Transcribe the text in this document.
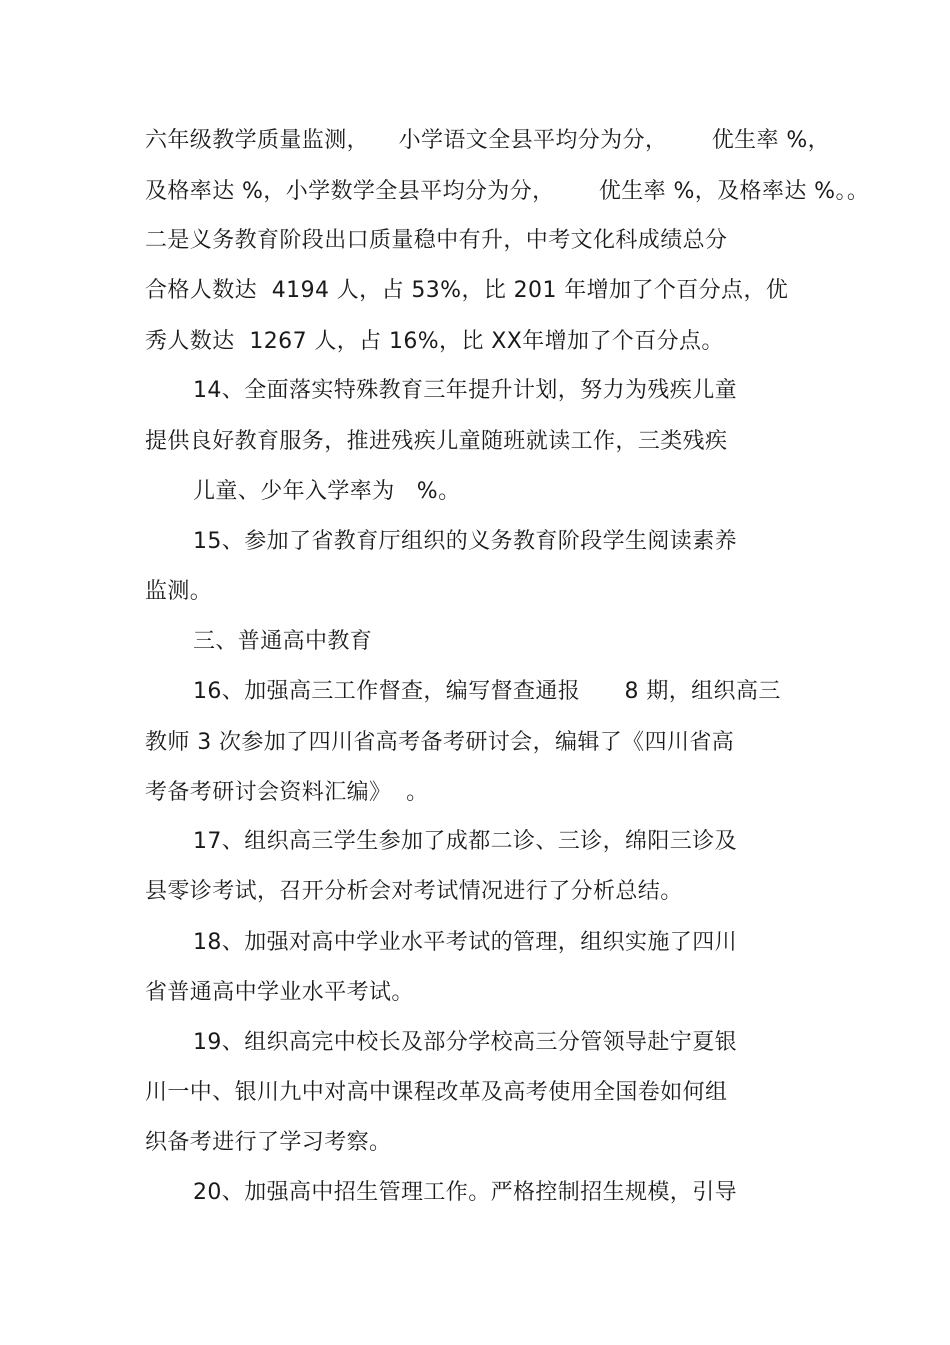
六年级教学质量监测，    小学语文全县平均分为分，      优生率 %，
及格率达 %，小学数学全县平均分为分，      优生率 %，及格率达 %。。
二是义务教育阶段出口质量稳中有升，中考文化科成绩总分
合格人数达  4194 人，占 53%，比 201 年增加了个百分点，优
秀人数达  1267 人，占 16%，比 XX年增加了个百分点。
14、全面落实特殊教育三年提升计划，努力为残疾儿童
提供良好教育服务，推进残疾儿童随班就读工作，三类残疾
儿童、少年入学率为   %。
15、参加了省教育厅组织的义务教育阶段学生阅读素养
监测。
三、普通高中教育
16、加强高三工作督查，编写督查通报      8 期，组织高三
教师 3 次参加了四川省高考备考研讨会，编辑了《四川省高
考备考研讨会资料汇编》  。
17、组织高三学生参加了成都二诊、三诊，绵阳三诊及
县零诊考试，召开分析会对考试情况进行了分析总结。
18、加强对高中学业水平考试的管理，组织实施了四川
省普通高中学业水平考试。
19、组织高完中校长及部分学校高三分管领导赴宁夏银
川一中、银川九中对高中课程改革及高考使用全国卷如何组
织备考进行了学习考察。
20、加强高中招生管理工作。严格控制招生规模，引导
